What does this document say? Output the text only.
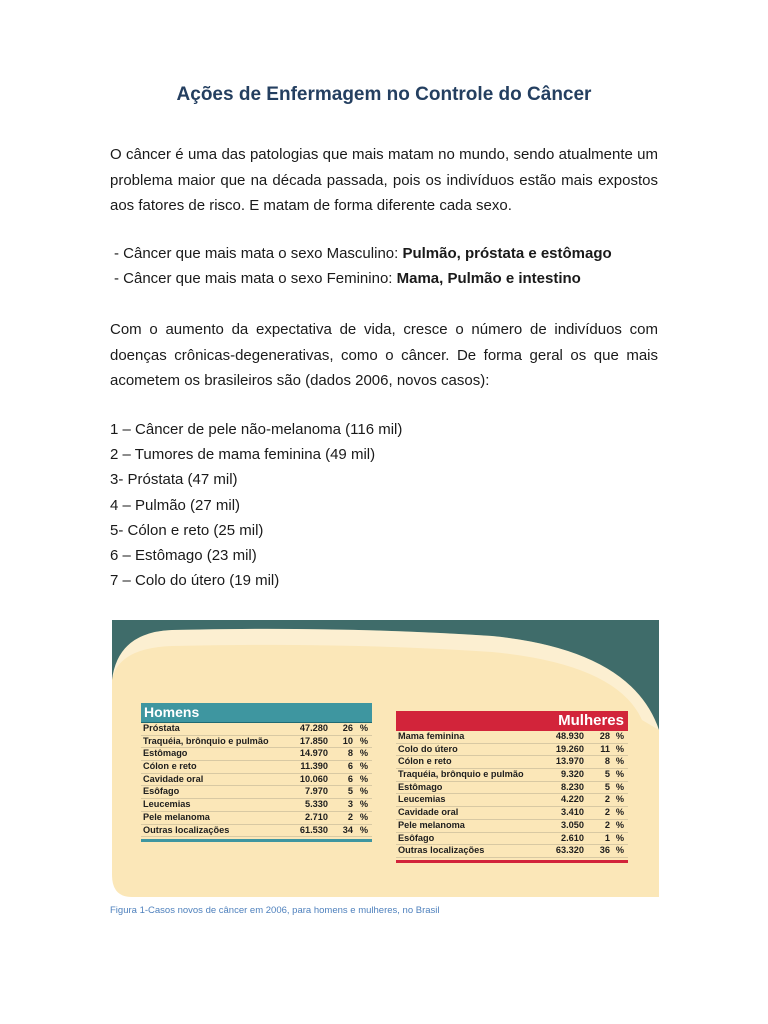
Ações de Enfermagem no Controle do Câncer
O câncer é uma das patologias que mais matam no mundo, sendo atualmente um problema maior que na década passada, pois os indivíduos estão mais expostos aos fatores de risco. E matam de forma diferente cada sexo.
- Câncer que mais mata o sexo Masculino: Pulmão, próstata e estômago
- Câncer que mais mata o sexo Feminino: Mama, Pulmão e intestino
Com o aumento da expectativa de vida, cresce o número de indivíduos com doenças crônicas-degenerativas, como o câncer. De forma geral os que mais acometem os brasileiros são (dados 2006, novos casos):
1 – Câncer de pele não-melanoma (116 mil)
2 – Tumores de mama feminina (49 mil)
3- Próstata (47 mil)
4 – Pulmão (27 mil)
5- Cólon e reto (25 mil)
6 – Estômago (23 mil)
7 – Colo do útero (19 mil)
Homens
Próstata	47.280 26 %
Traquéia, brônquio e pulmão	17.850 10 %
Estômago	14.970 8 %
Cólon e reto	11.390 6 %
Cavidade oral	10.060 6 %
Esôfago	7.970 5 %
Leucemias	5.330 3 %
Pele melanoma	2.710 2 %
Outras localizações	61.530 34 %
Mulheres
Mama feminina	48.930 28 %
Colo do útero	19.260 11 %
Cólon e reto	13.970 8 %
Traquéia, brônquio e pulmão	9.320 5 %
Estômago	8.230 5 %
Leucemias	4.220 2 %
Cavidade oral	3.410 2 %
Pele melanoma	3.050 2 %
Esôfago	2.610 1 %
Outras localizações	63.320 36 %
Figura 1-Casos novos de câncer em 2006, para homens e mulheres, no Brasil
